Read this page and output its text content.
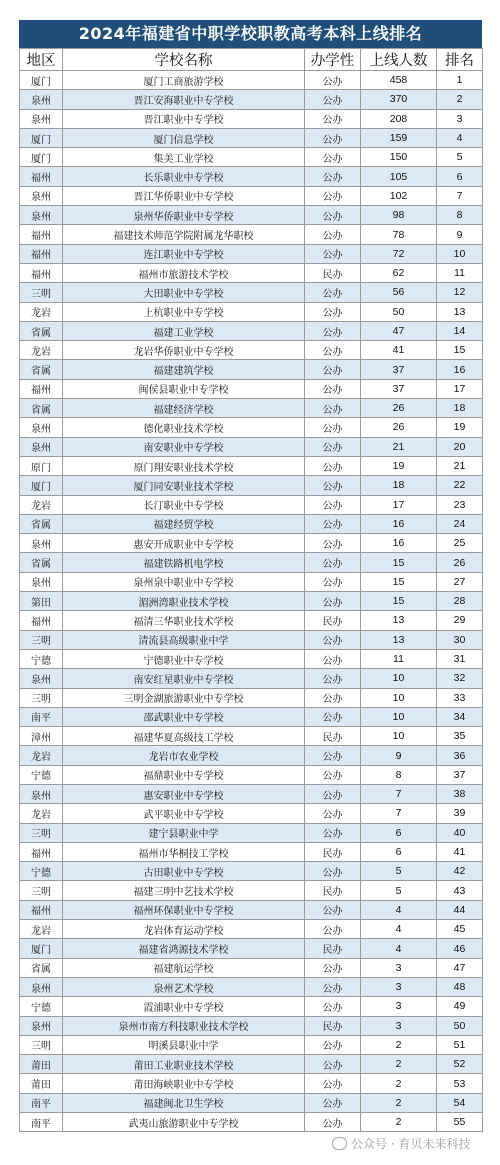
2024年福建省中职学校职教高考本科上线排名
地区	学校名称	办学性	上线人数	排名
厦门	厦门工商旅游学校	公办	458	1
泉州	晋江安海职业中专学校	公办	370	2
泉州	晋江职业中专学校	公办	208	3
厦门	厦门信息学校	公办	159	4
厦门	集美工业学校	公办	150	5
福州	长乐职业中专学校	公办	105	6
泉州	晋江华侨职业中专学校	公办	102	7
泉州	泉州华侨职业中专学校	公办	98	8
福州	福建技术师范学院附属龙华职校	公办	78	9
福州	连江职业中专学校	公办	72	10
福州	福州市旅游技术学校	民办	62	11
三明	大田职业中专学校	公办	56	12
龙岩	上杭职业中专学校	公办	50	13
省属	福建工业学校	公办	47	14
龙岩	龙岩华侨职业中专学校	公办	41	15
省属	福建建筑学校	公办	37	16
福州	闽侯县职业中专学校	公办	37	17
省属	福建经济学校	公办	26	18
泉州	德化职业技术学校	公办	26	19
泉州	南安职业中专学校	公办	21	20
原门	原门翔安职业技术学校	公办	19	21
厦门	厦门同安职业技术学校	公办	18	22
龙岩	长汀职业中专学校	公办	17	23
省属	福建经贸学校	公办	16	24
泉州	惠安开成职业中专学校	公办	16	25
省属	福建铁路机电学校	公办	15	26
泉州	泉州泉中职业中专学校	公办	15	27
第田	湄洲湾职业技术学校	公办	15	28
福州	福清三华职业技术学校	民办	13	29
三明	清流县高级职业中学	公办	13	30
宁德	宁德职业中专学校	公办	11	31
泉州	南安红星职业中专学校	公办	10	32
三明	三明金湖旅游职业中专学校	公办	10	33
南平	邵武职业中专学校	公办	10	34
漳州	福建华夏高级技工学校	民办	10	35
龙岩	龙岩市农业学校	公办	9	36
宁德	福鼎职业中专学校	公办	8	37
泉州	惠安职业中专学校	公办	7	38
龙岩	武平职业中专学校	公办	7	39
三明	建宁县职业中学	公办	6	40
福州	福州市华桐技工学校	民办	6	41
宁德	古田职业中专学校	公办	5	42
三明	福建三明中艺技术学校	民办	5	43
福州	福州环保职业中专学校	公办	4	44
龙岩	龙岩体育运动学校	公办	4	45
厦门	福建省鸿源技术学校	民办	4	46
省属	福建航运学校	公办	3	47
泉州	泉州艺术学校	公办	3	48
宁德	霞浦职业中专学校	公办	3	49
泉州	泉州市南方科技职业技术学校	民办	3	50
三明	明溪县职业中学	公办	2	51
莆田	莆田工业职业技术学校	公办	2	52
莆田	莆田海峡职业中专学校	公办	2	53
南平	福建闽北卫生学校	公办	2	54
南平	武夷山旅游职业中专学校	公办	2	55
公众号 · 育贝未来科技
